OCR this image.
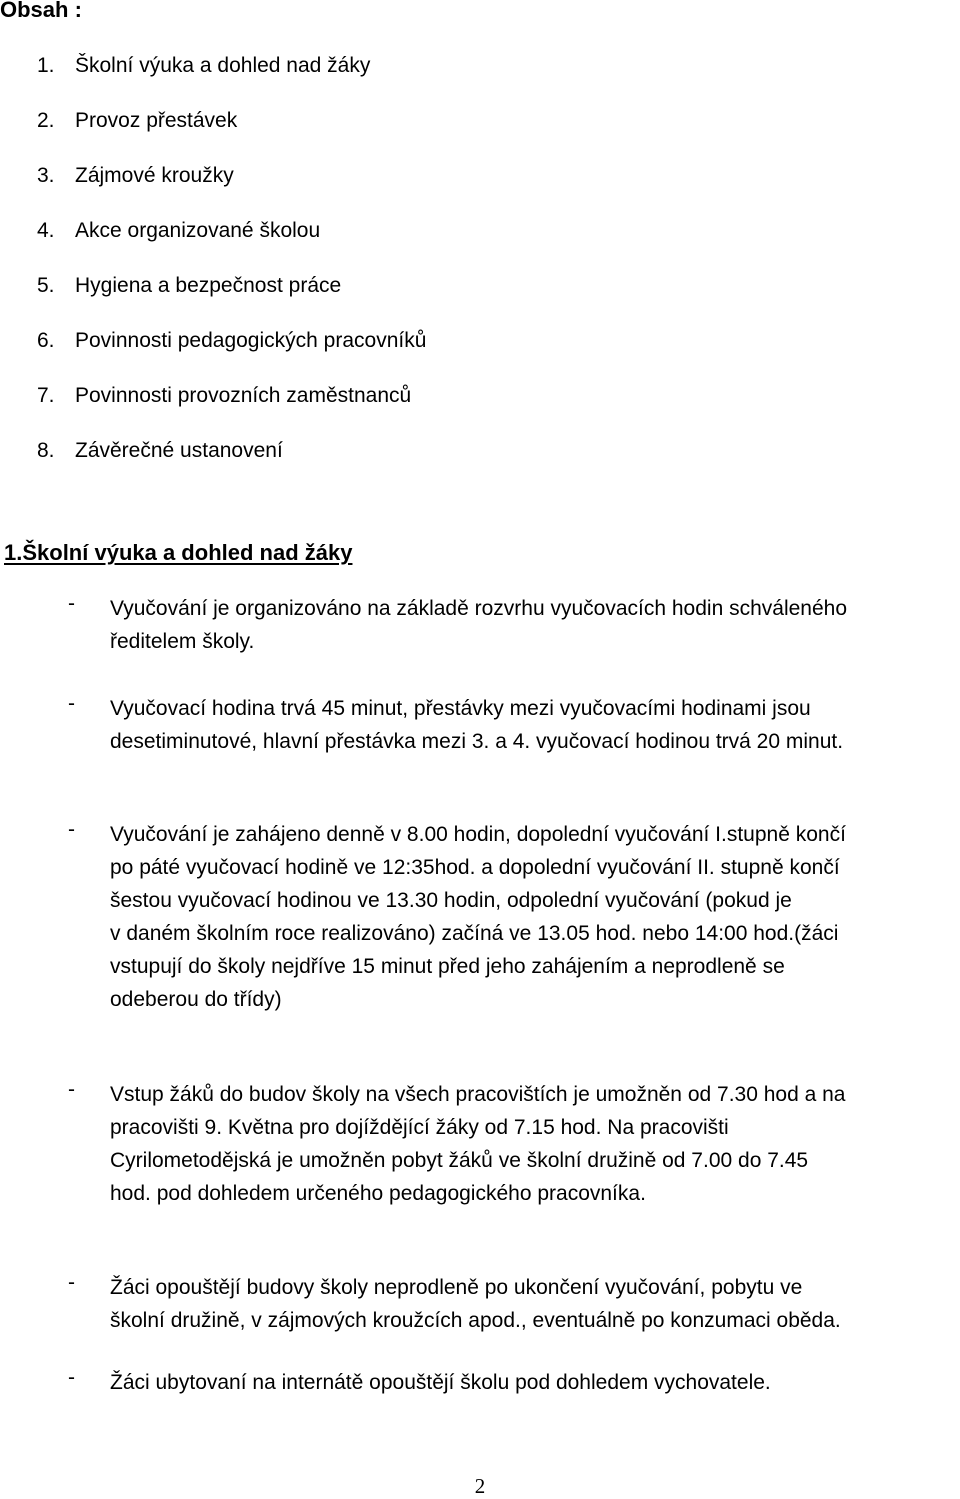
Obsah :
1. Školní výuka a dohled nad žáky
2. Provoz přestávek
3. Zájmové kroužky
4. Akce organizované školou
5. Hygiena a bezpečnost práce
6. Povinnosti pedagogických pracovníků
7. Povinnosti provozních zaměstnanců
8. Závěrečné ustanovení
1.Školní výuka a dohled nad žáky
-	Vyučování je organizováno na základě rozvrhu vyučovacích hodin schváleného
ředitelem školy.
-	Vyučovací hodina trvá 45 minut, přestávky mezi vyučovacími hodinami jsou
desetiminutové, hlavní přestávka mezi 3. a 4. vyučovací hodinou trvá 20 minut.
-	Vyučování je zahájeno denně v 8.00 hodin, dopolední vyučování I.stupně končí
po páté vyučovací hodině ve 12:35hod. a dopolední vyučování II. stupně končí
šestou vyučovací hodinou ve 13.30 hodin, odpolední vyučování (pokud je
v daném školním roce realizováno) začíná ve 13.05 hod. nebo 14:00 hod.(žáci
vstupují do školy nejdříve 15 minut před jeho zahájením a neprodleně se
odeberou do třídy)
-	Vstup žáků do budov školy na všech pracovištích je umožněn od 7.30 hod a na
pracovišti 9. Května pro dojíždějící žáky od 7.15 hod. Na pracovišti
Cyrilometodějská je umožněn pobyt žáků ve školní družině od 7.00 do 7.45
hod. pod dohledem určeného pedagogického pracovníka.
-	Žáci opouštějí budovy školy neprodleně po ukončení vyučování, pobytu ve
školní družině, v zájmových kroužcích apod., eventuálně po konzumaci oběda.
-	Žáci ubytovaní na internátě opouštějí školu pod dohledem vychovatele.
2
